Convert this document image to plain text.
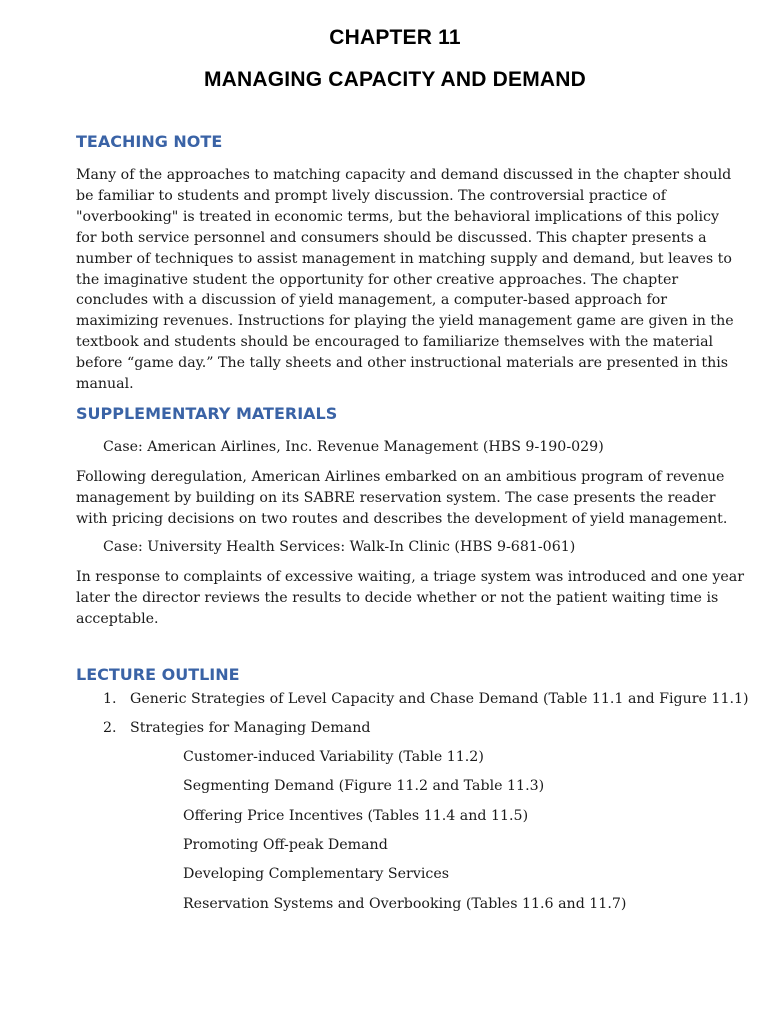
CHAPTER 11
MANAGING CAPACITY AND DEMAND
TEACHING NOTE
Many of the approaches to matching capacity and demand discussed in the chapter should
be familiar to students and prompt lively discussion. The controversial practice of
"overbooking" is treated in economic terms, but the behavioral implications of this policy
for both service personnel and consumers should be discussed. This chapter presents a
number of techniques to assist management in matching supply and demand, but leaves to
the imaginative student the opportunity for other creative approaches. The chapter
concludes with a discussion of yield management, a computer-based approach for
maximizing revenues. Instructions for playing the yield management game are given in the
textbook and students should be encouraged to familiarize themselves with the material
before “game day.” The tally sheets and other instructional materials are presented in this
manual.
SUPPLEMENTARY MATERIALS
Case: American Airlines, Inc. Revenue Management (HBS 9-190-029)
Following deregulation, American Airlines embarked on an ambitious program of revenue
management by building on its SABRE reservation system. The case presents the reader
with pricing decisions on two routes and describes the development of yield management.
Case: University Health Services: Walk-In Clinic (HBS 9-681-061)
In response to complaints of excessive waiting, a triage system was introduced and one year
later the director reviews the results to decide whether or not the patient waiting time is
acceptable.
LECTURE OUTLINE
1. Generic Strategies of Level Capacity and Chase Demand (Table 11.1 and Figure 11.1)
2. Strategies for Managing Demand
Customer-induced Variability (Table 11.2)
Segmenting Demand (Figure 11.2 and Table 11.3)
Offering Price Incentives (Tables 11.4 and 11.5)
Promoting Off-peak Demand
Developing Complementary Services
Reservation Systems and Overbooking (Tables 11.6 and 11.7)
